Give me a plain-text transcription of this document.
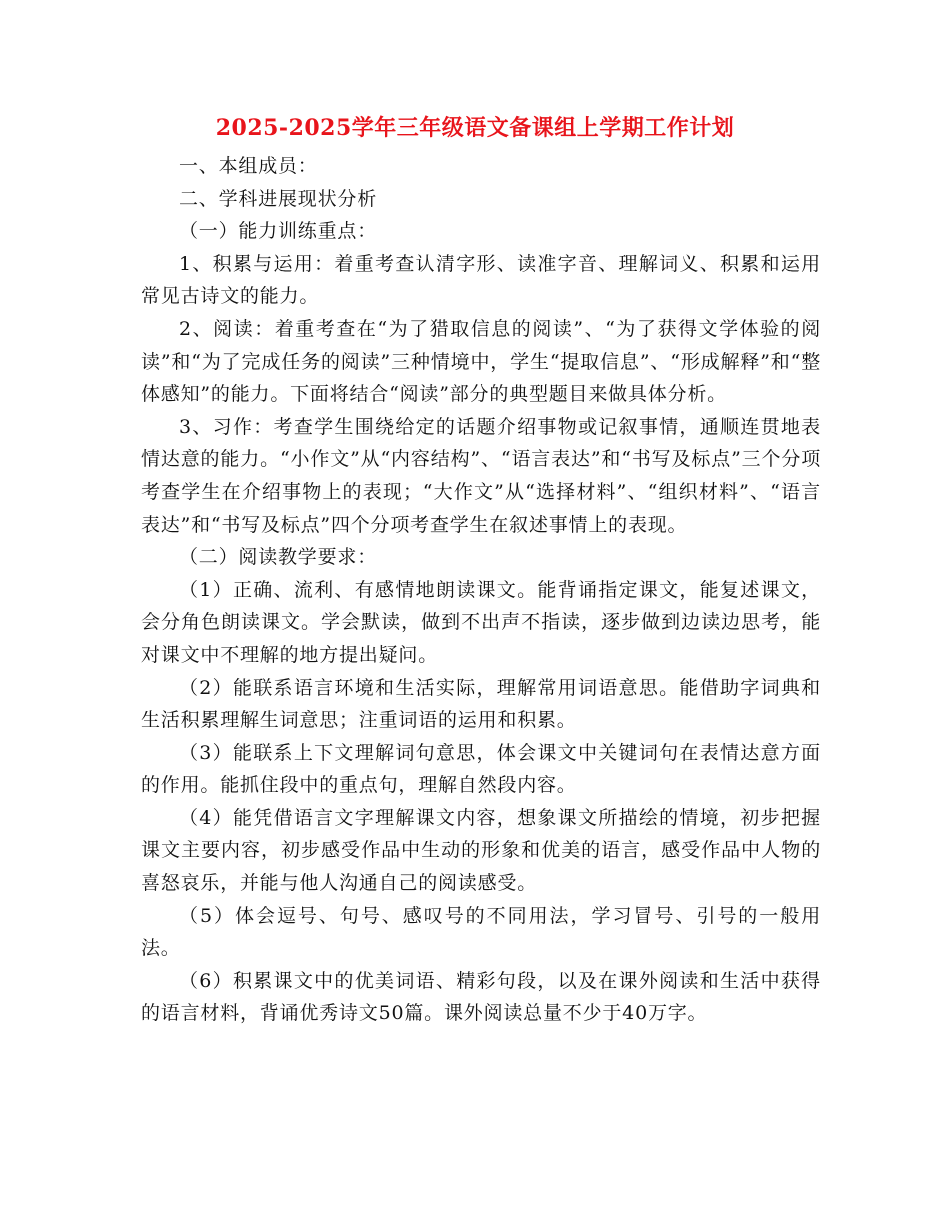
2025-2025学年三年级语文备课组上学期工作计划

一、本组成员：

二、学科进展现状分析

（一）能力训练重点：

1、积累与运用：着重考查认清字形、读准字音、理解词义、积累和运用常见古诗文的能力。

2、阅读：着重考查在“为了猎取信息的阅读”、“为了获得文学体验的阅读”和“为了完成任务的阅读”三种情境中，学生“提取信息”、“形成解释”和“整体感知”的能力。下面将结合“阅读”部分的典型题目来做具体分析。

3、习作：考查学生围绕给定的话题介绍事物或记叙事情，通顺连贯地表情达意的能力。“小作文”从“内容结构”、“语言表达”和“书写及标点”三个分项考查学生在介绍事物上的表现；“大作文”从“选择材料”、“组织材料”、“语言表达”和“书写及标点”四个分项考查学生在叙述事情上的表现。

（二）阅读教学要求：

（1）正确、流利、有感情地朗读课文。能背诵指定课文，能复述课文，会分角色朗读课文。学会默读，做到不出声不指读，逐步做到边读边思考，能对课文中不理解的地方提出疑问。

（2）能联系语言环境和生活实际，理解常用词语意思。能借助字词典和生活积累理解生词意思；注重词语的运用和积累。

（3）能联系上下文理解词句意思，体会课文中关键词句在表情达意方面的作用。能抓住段中的重点句，理解自然段内容。

（4）能凭借语言文字理解课文内容，想象课文所描绘的情境，初步把握课文主要内容，初步感受作品中生动的形象和优美的语言，感受作品中人物的喜怒哀乐，并能与他人沟通自己的阅读感受。

（5）体会逗号、句号、感叹号的不同用法，学习冒号、引号的一般用法。

（6）积累课文中的优美词语、精彩句段，以及在课外阅读和生活中获得的语言材料，背诵优秀诗文50篇。课外阅读总量不少于40万字。
